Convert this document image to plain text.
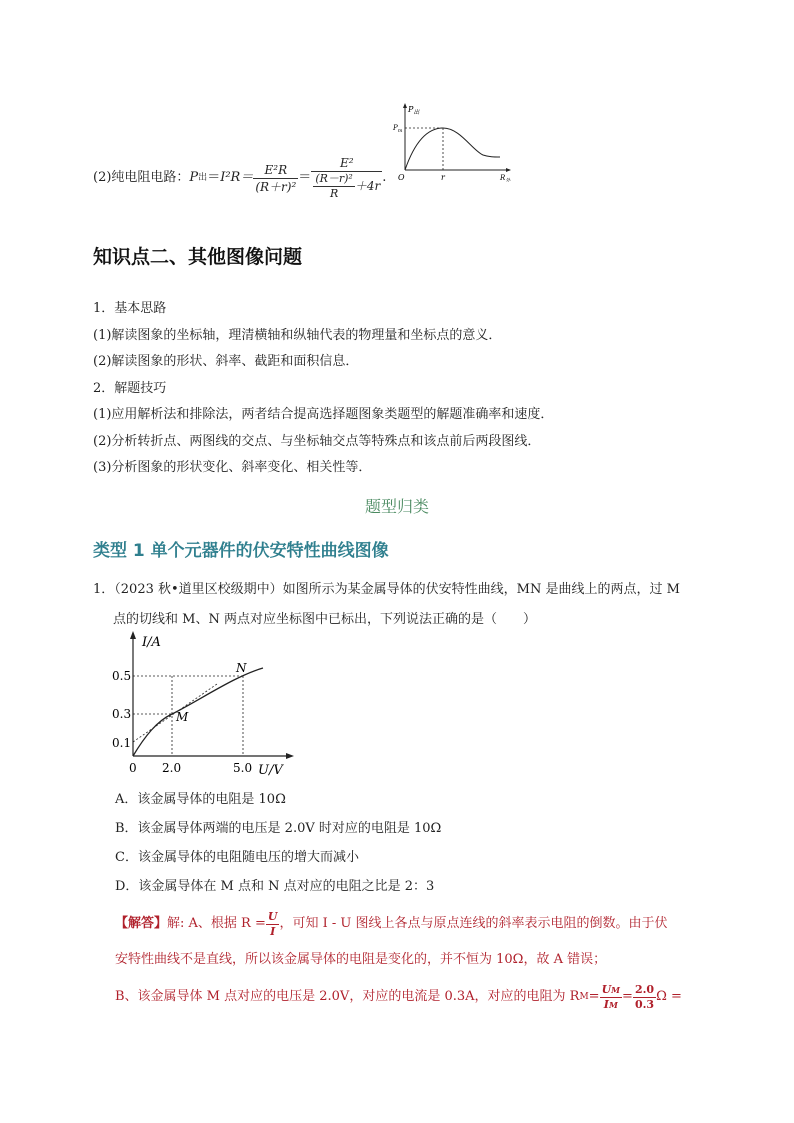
(2)纯电阻电路： P 出 ＝ $I^2R= \frac{\text{E²R}}{\text{(R＋r)²}} = \frac{\text{E²}}{\frac{\text{(R－r)²}}{R} +4r}$ .
$P_出$
$P_m$
O	r	$R_外$
知识点二、其他图像问题
1．基本思路
(1)解读图象的坐标轴，理清横轴和纵轴代表的物理量和坐标点的意义．
(2)解读图象的形状、斜率、截距和面积信息．
2．解题技巧
(1)应用解析法和排除法，两者结合提高选择题图象类题型的解题准确率和速度．
(2)分析转折点、两图线的交点、与坐标轴交点等特殊点和该点前后两段图线．
(3)分析图象的形状变化、斜率变化、相关性等．
题型归类
类型 1 单个元器件的伏安特性曲线图像
1．（2023 秋•道里区校级期中）如图所示为某金属导体的伏安特性曲线，MN 是曲线上的两点，过 M
点的切线和 M、N 两点对应坐标图中已标出，下列说法正确的是（　　）
I/A
U/V
0.5
0.3
0.1
0 2.0	5.0
M
N
A．该金属导体的电阻是 10Ω
B．该金属导体两端的电压是 2.0V 时对应的电阻是 10Ω
C．该金属导体的电阻随电压的增大而减小
D．该金属导体在 M 点和 N 点对应的电阻之比是 2：3
【解答】 解: A、根据 $R = \frac{U}{I}$ ，可知 I - U 图线上各点与原点连线的斜率表示电阻的倒数。由于伏
安特性曲线不是直线，所以该金属导体的电阻是变化的，并不恒为 10Ω，故 A 错误；
B、该金属导体 M 点对应的电压是 2.0V，对应的电流是 0.3A，对应的电阻为 R $M = \frac{UM}{IM} = \frac{2.0}{0.3}$ Ω =
